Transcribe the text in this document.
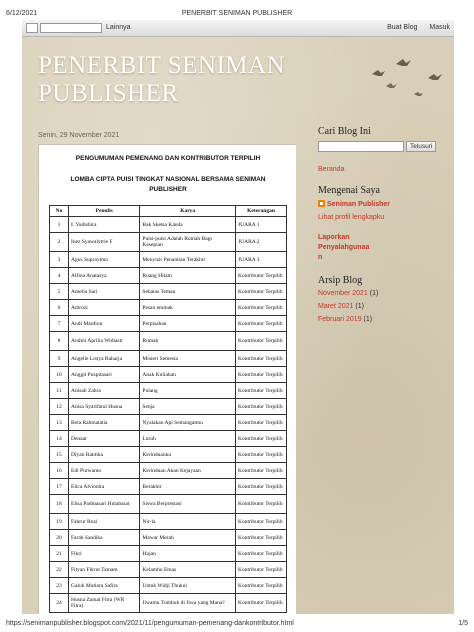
6/12/2021	PENERBIT SENIMAN PUBLISHER
Lainnya	Buat Blog Masuk
PENERBIT SENIMAN PUBLISHER
Senin, 29 November 2021
PENGUMUMAN PEMENANG DAN KONTRIBUTOR TERPILIH
LOMBA CIPTA PUISI TINGKAT NASIONAL BERSAMA SENIMAN PUBLISHER
No	Penulis	Karya	Keterangan
1	I. Yudishira	Bak Sketsa Kanda	JUARA 1
2	Inez Syawalytrie F	Puisi-puisi Adalah Rumah Bagi Kesepian	JUARA 2
3	Agus Supraytmo	Menyisir Penantian Terakhir	JUARA 3
4	Alfina Anatasya	Ruang Hitam	Kontributor Terpilih
5	Amelia Sari	Sebatas Teman	Kontributor Terpilih
6	Amrozi	Pesan emmak	Kontributor Terpilih
7	Andi Mardion	Perpisahan	Kontributor Terpilih
8	Andini Aprilia Widiasti	Rumah	Kontributor Terpilih
9	Angelie Listya Raharja	Misteri Semesta	Kontributor Terpilih
10	Anggit Puspitasari	Anak Kuliahan	Kontributor Terpilih
11	Anisah Zahra	Pulang	Kontributor Terpilih
12	Anisa Syarifatul Husna	Senja	Kontributor Terpilih
13	Bela Rahmatalia	Nyalakan Api Semangatmu	Kontributor Terpilih
14	Denaar	Luruh	Kontributor Terpilih
15	Diyan Rantika	Kerinduanku	Kontributor Terpilih
16	Edi Purwanto	Kerinduan Akan Kejayaan	Kontributor Terpilih
17	Elica Alvionita	Berakhir	Kontributor Terpilih
18	Elisa Padmasari Hutabarat	Siswa Berprestasi	Kontributor Terpilih
19	Fahrur Rozi	Nir-la	Kontributor Terpilih
20	Farah Sandika	Mawar Merah	Kontributor Terpilih
21	Fikri	Hujan	Kontributor Terpilih
22	Fityan Fikrut Tamam	Kelambu Emas	Kontributor Terpilih
23	Galuh Mutiara Safira	Untuk Widji Thukul	Kontributor Terpilih
24	Husna Zainal Fitra (WR Fitra)	Jiwamu Tumbuh di Jiwa yang Mana?	Kontributor Terpilih
Cari Blog Ini
Telusuri
Beranda
Mengenai Saya
Seniman Publisher
Lihat profil lengkapku
Laporkan
Penyalahgunaa
n
Arsip Blog
November 2021 (1)
Maret 2021 (1)
Februari 2019 (1)
https://senimanpublisher.blogspot.com/2021/11/pengumuman-pemenang-dankontributor.html	1/5
